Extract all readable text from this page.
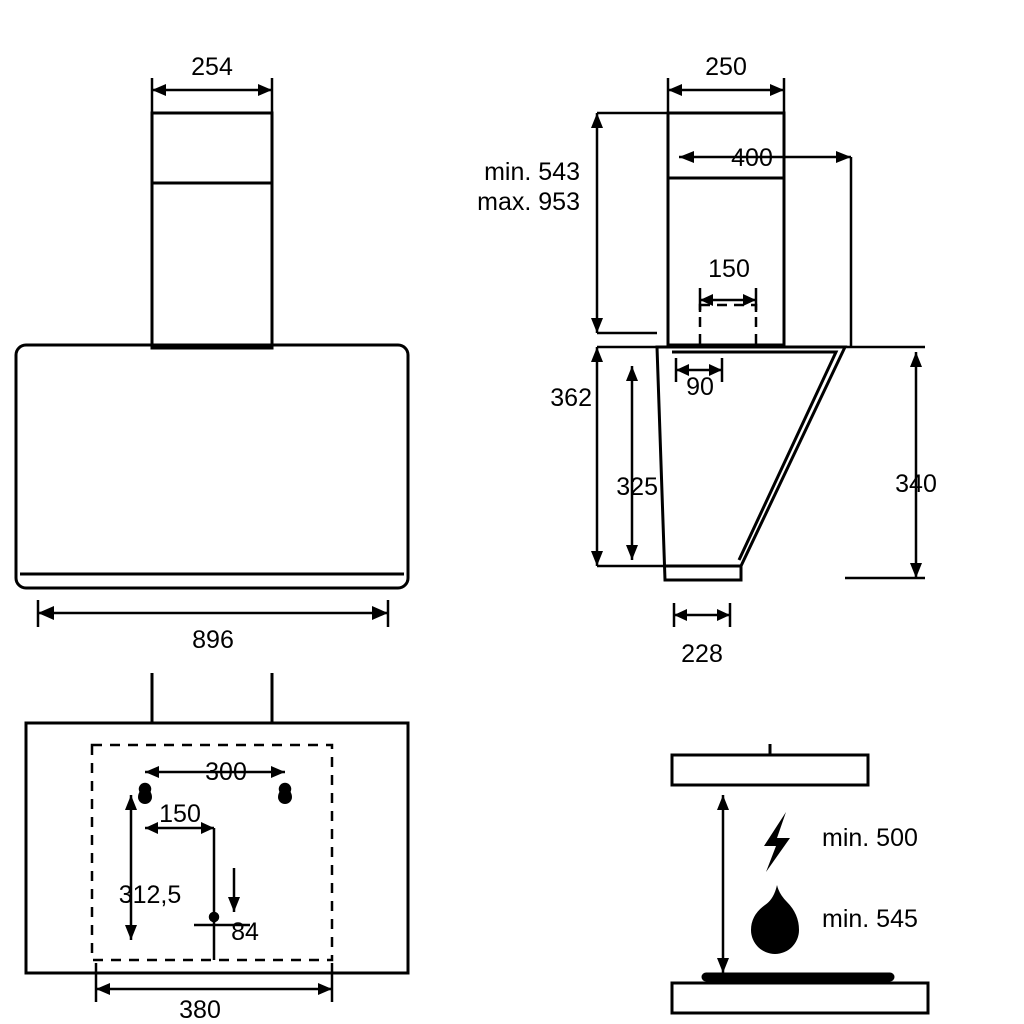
254
896
250
400
150
90
min. 543
max. 953
362
325	340
228
300
150
312,5
84
380
min. 500
min. 545
